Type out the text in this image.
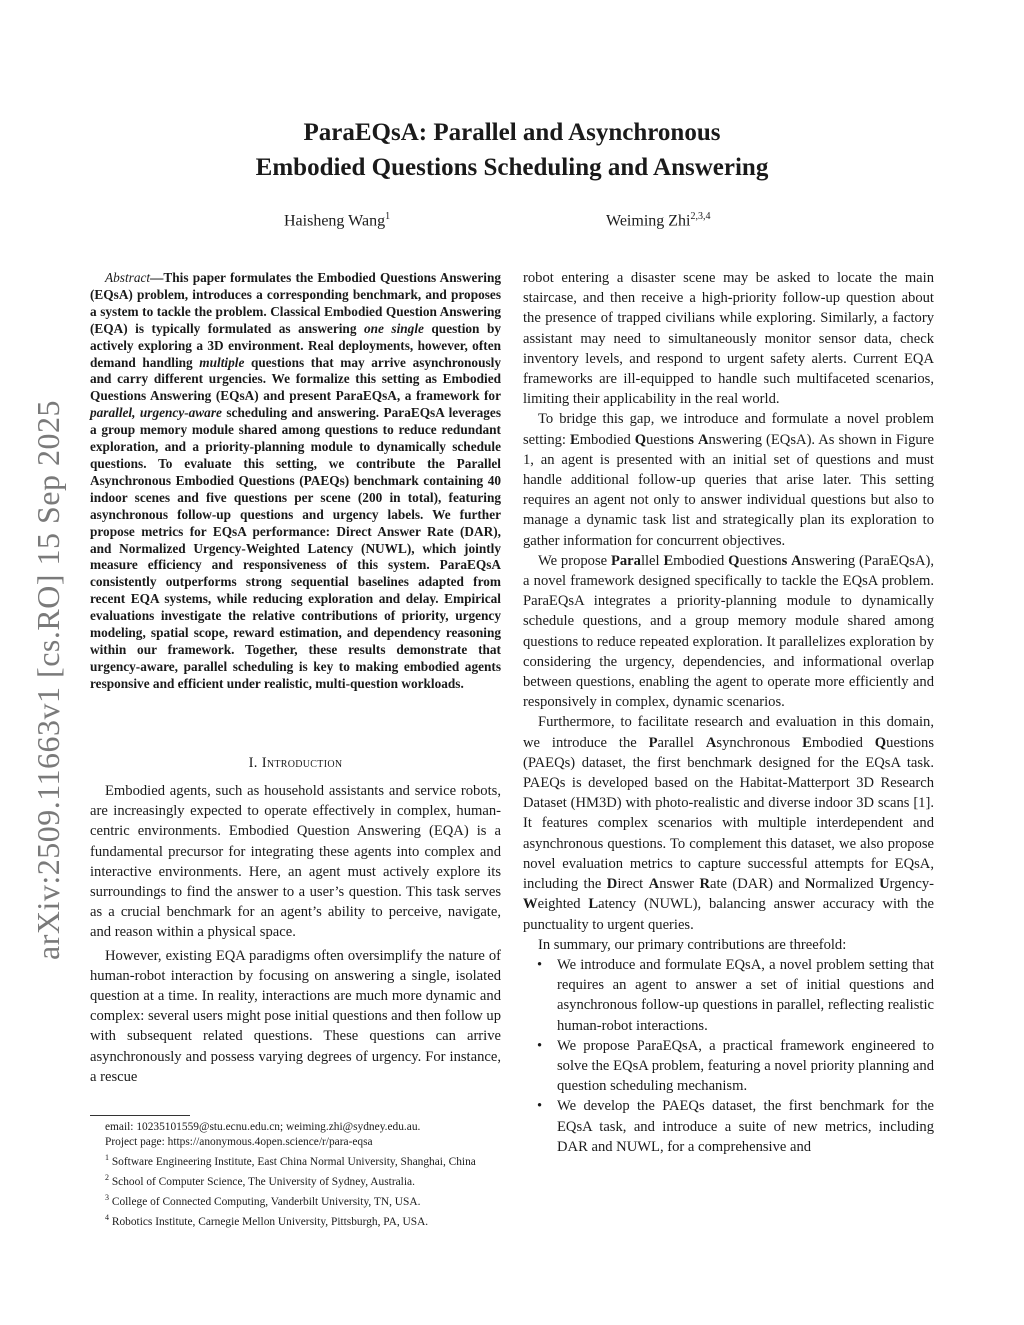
arXiv:2509.11663v1 [cs.RO] 15 Sep 2025
ParaEQsA: Parallel and Asynchronous
Embodied Questions Scheduling and Answering
Haisheng Wang$^1$	Weiming Zhi$^{2,3,4}$
Abstract—This paper formulates the Embodied Questions Answering (EQsA) problem, introduces a corresponding benchmark, and proposes a system to tackle the problem. Classical Embodied Question Answering (EQA) is typically formulated as answering one single question by actively exploring a 3D environment. Real deployments, however, often demand handling multiple questions that may arrive asynchronously and carry different urgencies. We formalize this setting as Embodied Questions Answering (EQsA) and present ParaEQsA, a framework for parallel, urgency-aware scheduling and answering. ParaEQsA leverages a group memory module shared among questions to reduce redundant exploration, and a priority-planning module to dynamically schedule questions. To evaluate this setting, we contribute the Parallel Asynchronous Embodied Questions (PAEQs) benchmark containing 40 indoor scenes and five questions per scene (200 in total), featuring asynchronous follow-up questions and urgency labels. We further propose metrics for EQsA performance: Direct Answer Rate (DAR), and Normalized Urgency-Weighted Latency (NUWL), which jointly measure efficiency and responsiveness of this system. ParaEQsA consistently outperforms strong sequential baselines adapted from recent EQA systems, while reducing exploration and delay. Empirical evaluations investigate the relative contributions of priority, urgency modeling, spatial scope, reward estimation, and dependency reasoning within our framework. Together, these results demonstrate that urgency-aware, parallel scheduling is key to making embodied agents responsive and efficient under realistic, multi-question workloads.
I. Introduction

Embodied agents, such as household assistants and service robots, are increasingly expected to operate effectively in complex, human-centric environments. Embodied Question Answering (EQA) is a fundamental precursor for integrating these agents into complex and interactive environments. Here, an agent must actively explore its surroundings to find the answer to a user’s question. This task serves as a crucial benchmark for an agent’s ability to perceive, navigate, and reason within a physical space.

However, existing EQA paradigms often oversimplify the nature of human-robot interaction by focusing on answering a single, isolated question at a time. In reality, interactions are much more dynamic and complex: several users might pose initial questions and then follow up with subsequent related questions. These questions can arrive asynchronously and possess varying degrees of urgency. For instance, a rescue

email: 10235101559@stu.ecnu.edu.cn; weiming.zhi@sydney.edu.au.
Project page: https://anonymous.4open.science/r/para-eqsa
$^1$ Software Engineering Institute, East China Normal University, Shanghai, China
$^2$ School of Computer Science, The University of Sydney, Australia.
$^3$ College of Connected Computing, Vanderbilt University, TN, USA.
$^4$ Robotics Institute, Carnegie Mellon University, Pittsburgh, PA, USA.

robot entering a disaster scene may be asked to locate the main staircase, and then receive a high-priority follow-up question about the presence of trapped civilians while exploring. Similarly, a factory assistant may need to simultaneously monitor sensor data, check inventory levels, and respond to urgent safety alerts. Current EQA frameworks are ill-equipped to handle such multifaceted scenarios, limiting their applicability in the real world.

To bridge this gap, we introduce and formulate a novel problem setting: Embodied Questions Answering (EQsA). As shown in Figure 1, an agent is presented with an initial set of questions and must handle additional follow-up queries that arise later. This setting requires an agent not only to answer individual questions but also to manage a dynamic task list and strategically plan its exploration to gather information for concurrent objectives.

We propose Parallel Embodied Questions Answering (ParaEQsA), a novel framework designed specifically to tackle the EQsA problem. ParaEQsA integrates a priority-planning module to dynamically schedule questions, and a group memory module shared among questions to reduce repeated exploration. It parallelizes exploration by considering the urgency, dependencies, and informational overlap between questions, enabling the agent to operate more efficiently and responsively in complex, dynamic scenarios.

Furthermore, to facilitate research and evaluation in this domain, we introduce the Parallel Asynchronous Embodied Questions (PAEQs) dataset, the first benchmark designed for the EQsA task. PAEQs is developed based on the Habitat-Matterport 3D Research Dataset (HM3D) with photo-realistic and diverse indoor 3D scans [1]. It features complex scenarios with multiple interdependent and asynchronous questions. To complement this dataset, we also propose novel evaluation metrics to capture successful attempts for EQsA, including the Direct Answer Rate (DAR) and Normalized Urgency-Weighted Latency (NUWL), balancing answer accuracy with the punctuality to urgent queries.

In summary, our primary contributions are threefold:

• We introduce and formulate EQsA, a novel problem setting that requires an agent to answer a set of initial questions and asynchronous follow-up questions in parallel, reflecting realistic human-robot interactions.
• We propose ParaEQsA, a practical framework engineered to solve the EQsA problem, featuring a novel priority planning and question scheduling mechanism.
• We develop the PAEQs dataset, the first benchmark for the EQsA task, and introduce a suite of new metrics, including DAR and NUWL, for a comprehensive and
